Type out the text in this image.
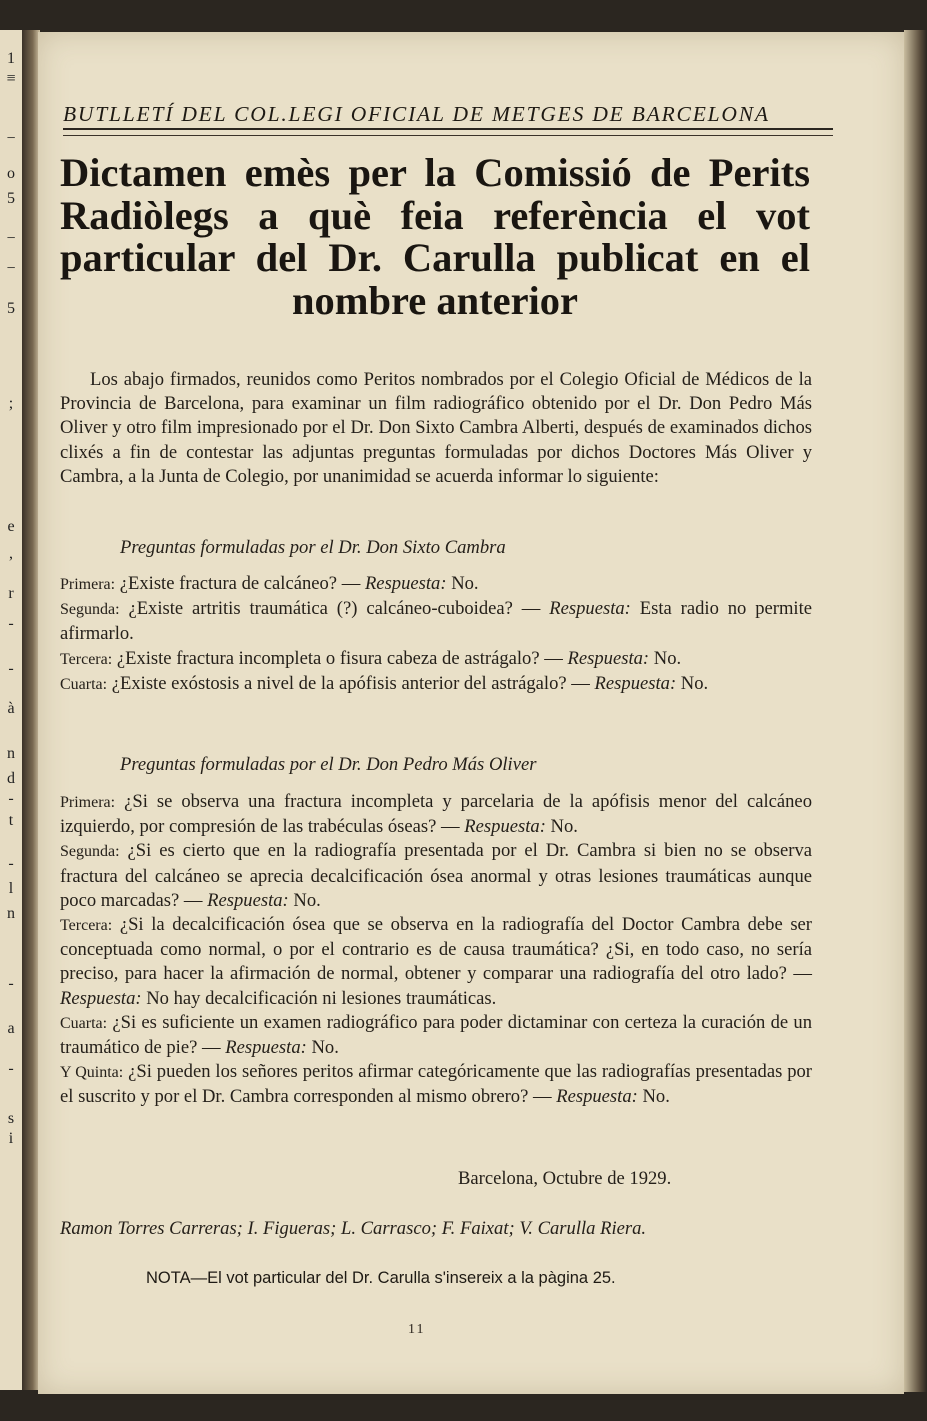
1
≡
−
o
5
−
−
5
;
e
,
r
-
-
à
n
d
-
t
-
l
n
-
a
-
s
i
BUTLLETÍ DEL COL.LEGI OFICIAL DE METGES DE BARCELONA
Dictamen emès per la Comissió de Perits Radiòlegs a què feia referència el vot particular del Dr. Carulla publicat en el nombre anterior
Los abajo firmados, reunidos como Peritos nombrados por el Colegio Oficial de Médicos de la Provincia de Barcelona, para examinar un film radiográfico obtenido por el Dr. Don Pedro Más Oliver y otro film impresionado por el Dr. Don Sixto Cambra Alberti, después de examinados dichos clixés a fin de contestar las adjuntas preguntas formuladas por dichos Doctores Más Oliver y Cambra, a la Junta de Colegio, por unanimidad se acuerda informar lo siguiente:
Preguntas formuladas por el Dr. Don Sixto Cambra
Primera: ¿Existe fractura de calcáneo? — Respuesta: No.
Segunda: ¿Existe artritis traumática (?) calcáneo-cuboidea? — Respuesta: Esta radio no permite afirmarlo.
Tercera: ¿Existe fractura incompleta o fisura cabeza de astrágalo? — Respuesta: No.
Cuarta: ¿Existe exóstosis a nivel de la apófisis anterior del astrágalo? — Respuesta: No.
Preguntas formuladas por el Dr. Don Pedro Más Oliver
Primera: ¿Si se observa una fractura incompleta y parcelaria de la apófisis menor del calcáneo izquierdo, por compresión de las trabéculas óseas? — Respuesta: No.
Segunda: ¿Si es cierto que en la radiografía presentada por el Dr. Cambra si bien no se observa fractura del calcáneo se aprecia decalcificación ósea anormal y otras lesiones traumáticas aunque poco marcadas? — Respuesta: No.
Tercera: ¿Si la decalcificación ósea que se observa en la radiografía del Doctor Cambra debe ser conceptuada como normal, o por el contrario es de causa traumática? ¿Si, en todo caso, no sería preciso, para hacer la afirmación de normal, obtener y comparar una radiografía del otro lado? — Respuesta: No hay decalcificación ni lesiones traumáticas.
Cuarta: ¿Si es suficiente un examen radiográfico para poder dictaminar con certeza la curación de un traumático de pie? — Respuesta: No.
Y Quinta: ¿Si pueden los señores peritos afirmar categóricamente que las radiografías presentadas por el suscrito y por el Dr. Cambra corresponden al mismo obrero? — Respuesta: No.
Barcelona, Octubre de 1929.
Ramon Torres Carreras; I. Figueras; L. Carrasco; F. Faixat; V. Carulla Riera.
NOTA—El vot particular del Dr. Carulla s'insereix a la pàgina 25.
11
